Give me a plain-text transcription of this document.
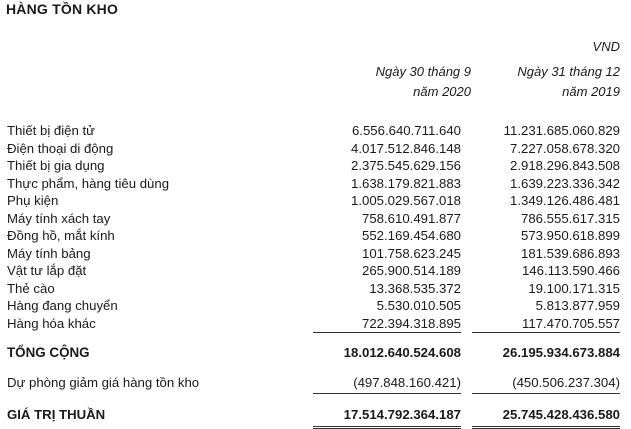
HÀNG TỒN KHO
VND
Ngày 30 tháng 9
năm 2020
Ngày 31 tháng 12
năm 2019
Thiết bị điện tử	6.556.640.711.640		11.231.685.060.829
Điện thoại di động	4.017.512.846.148		7.227.058.678.320
Thiết bị gia dụng	2.375.545.629.156		2.918.296.843.508
Thực phẩm, hàng tiêu dùng	1.638.179.821.883		1.639.223.336.342
Phụ kiện	1.005.029.567.018		1.349.126.486.481
Máy tính xách tay	758.610.491.877		786.555.617.315
Đồng hồ, mắt kính	552.169.454.680		573.950.618.899
Máy tính bảng	101.758.623.245		181.539.686.893
Vật tư lắp đặt	265.900.514.189		146.113.590.466
Thẻ cào	13.368.535.372		19.100.171.315
Hàng đang chuyển	5.530.010.505		5.813.877.959
Hàng hóa khác	722.394.318.895		117.470.705.557

TỔNG CỘNG	18.012.640.524.608		26.195.934.673.884

Dự phòng giảm giá hàng tồn kho	(497.848.160.421)		(450.506.237.304)

GIÁ TRỊ THUẦN	17.514.792.364.187		25.745.428.436.580
